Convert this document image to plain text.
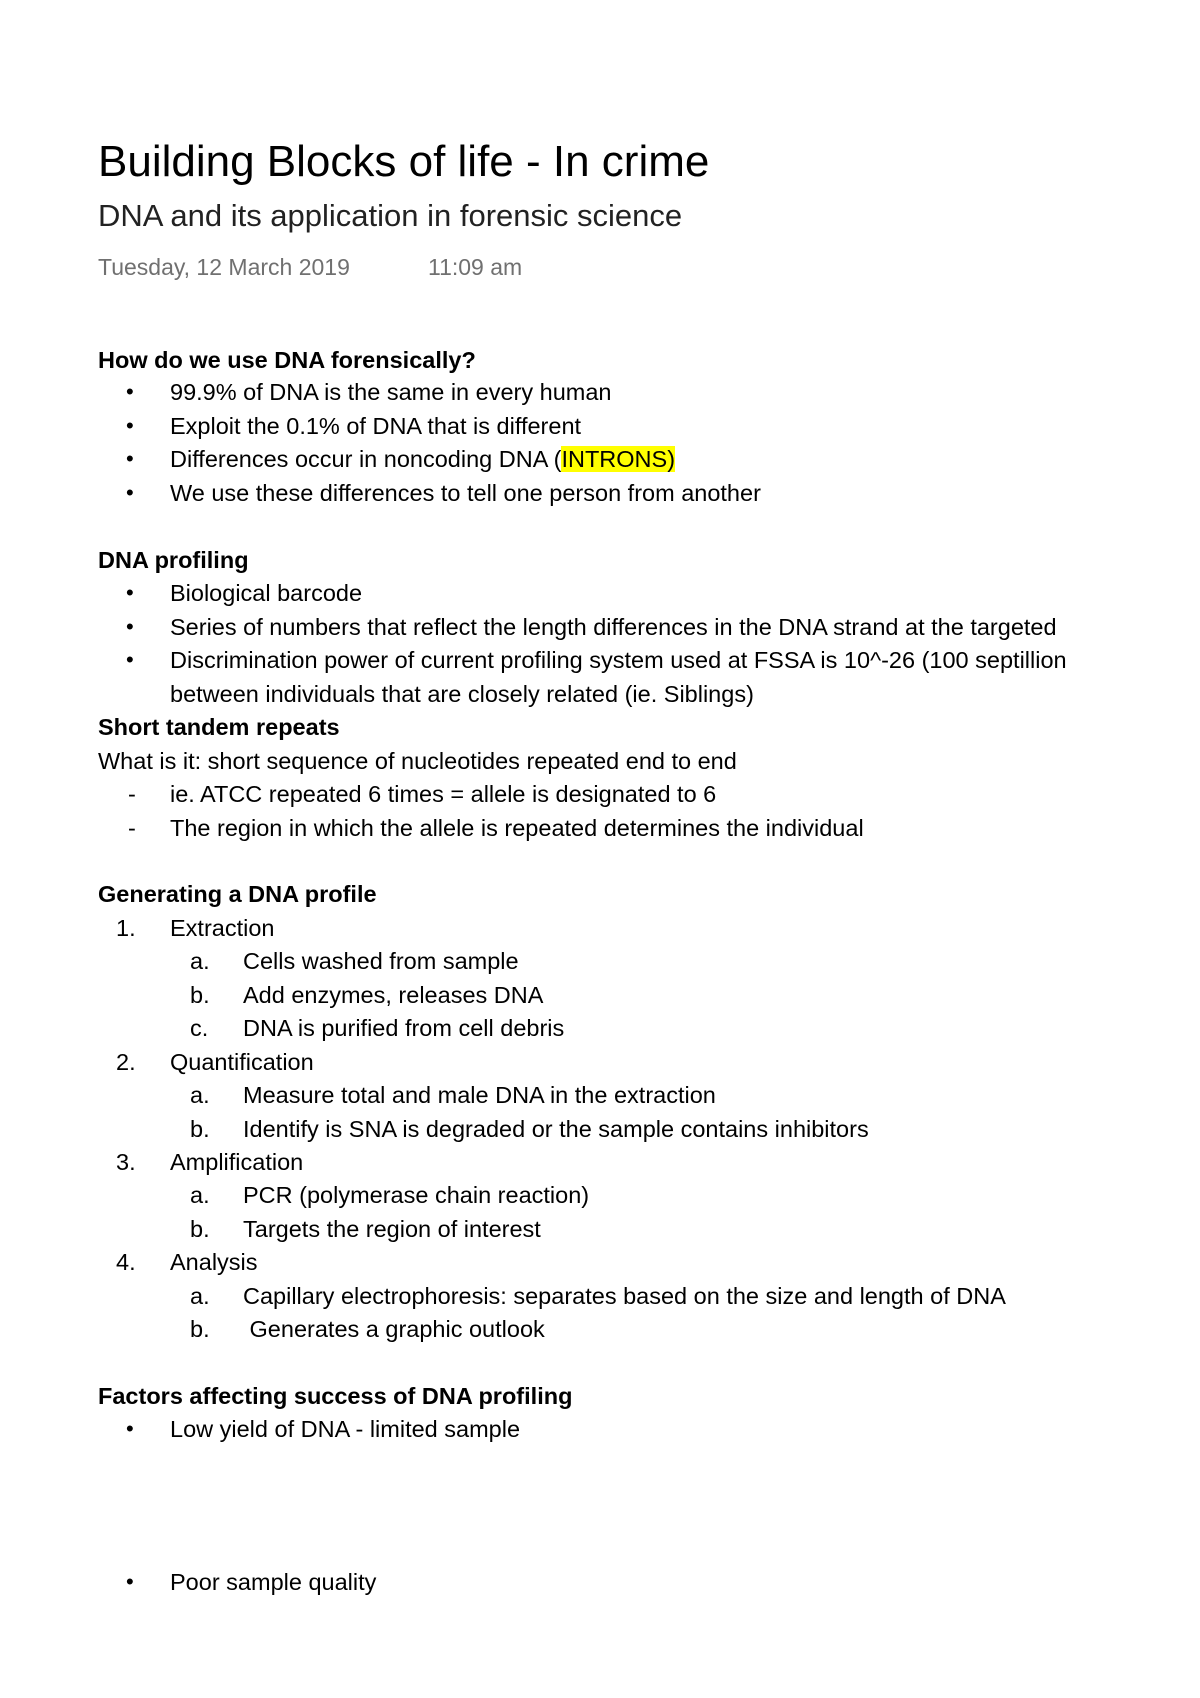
Building Blocks of life - In crime
DNA and its application in forensic science
Tuesday, 12 March 2019	11:09 am
How do we use DNA forensically?
•	99.9% of DNA is the same in every human
•	Exploit the 0.1% of DNA that is different
•	Differences occur in noncoding DNA (INTRONS)
•	We use these differences to tell one person from another
DNA profiling
•	Biological barcode
•	Series of numbers that reflect the length differences in the DNA strand at the targeted
•	Discrimination power of current profiling system used at FSSA is 10^-26 (100 septillion
between individuals that are closely related (ie. Siblings)
Short tandem repeats
What is it: short sequence of nucleotides repeated end to end
-	ie. ATCC repeated 6 times = allele is designated to 6
-	The region in which the allele is repeated determines the individual
Generating a DNA profile
1.	Extraction
a.	Cells washed from sample
b.	Add enzymes, releases DNA
c.	DNA is purified from cell debris
2.	Quantification
a.	Measure total and male DNA in the extraction
b.	Identify is SNA is degraded or the sample contains inhibitors
3.	Amplification
a.	PCR (polymerase chain reaction)
b.	Targets the region of interest
4.	Analysis
a.	Capillary electrophoresis: separates based on the size and length of DNA
b.	Generates a graphic outlook
Factors affecting success of DNA profiling
•	Low yield of DNA - limited sample
•	Poor sample quality
